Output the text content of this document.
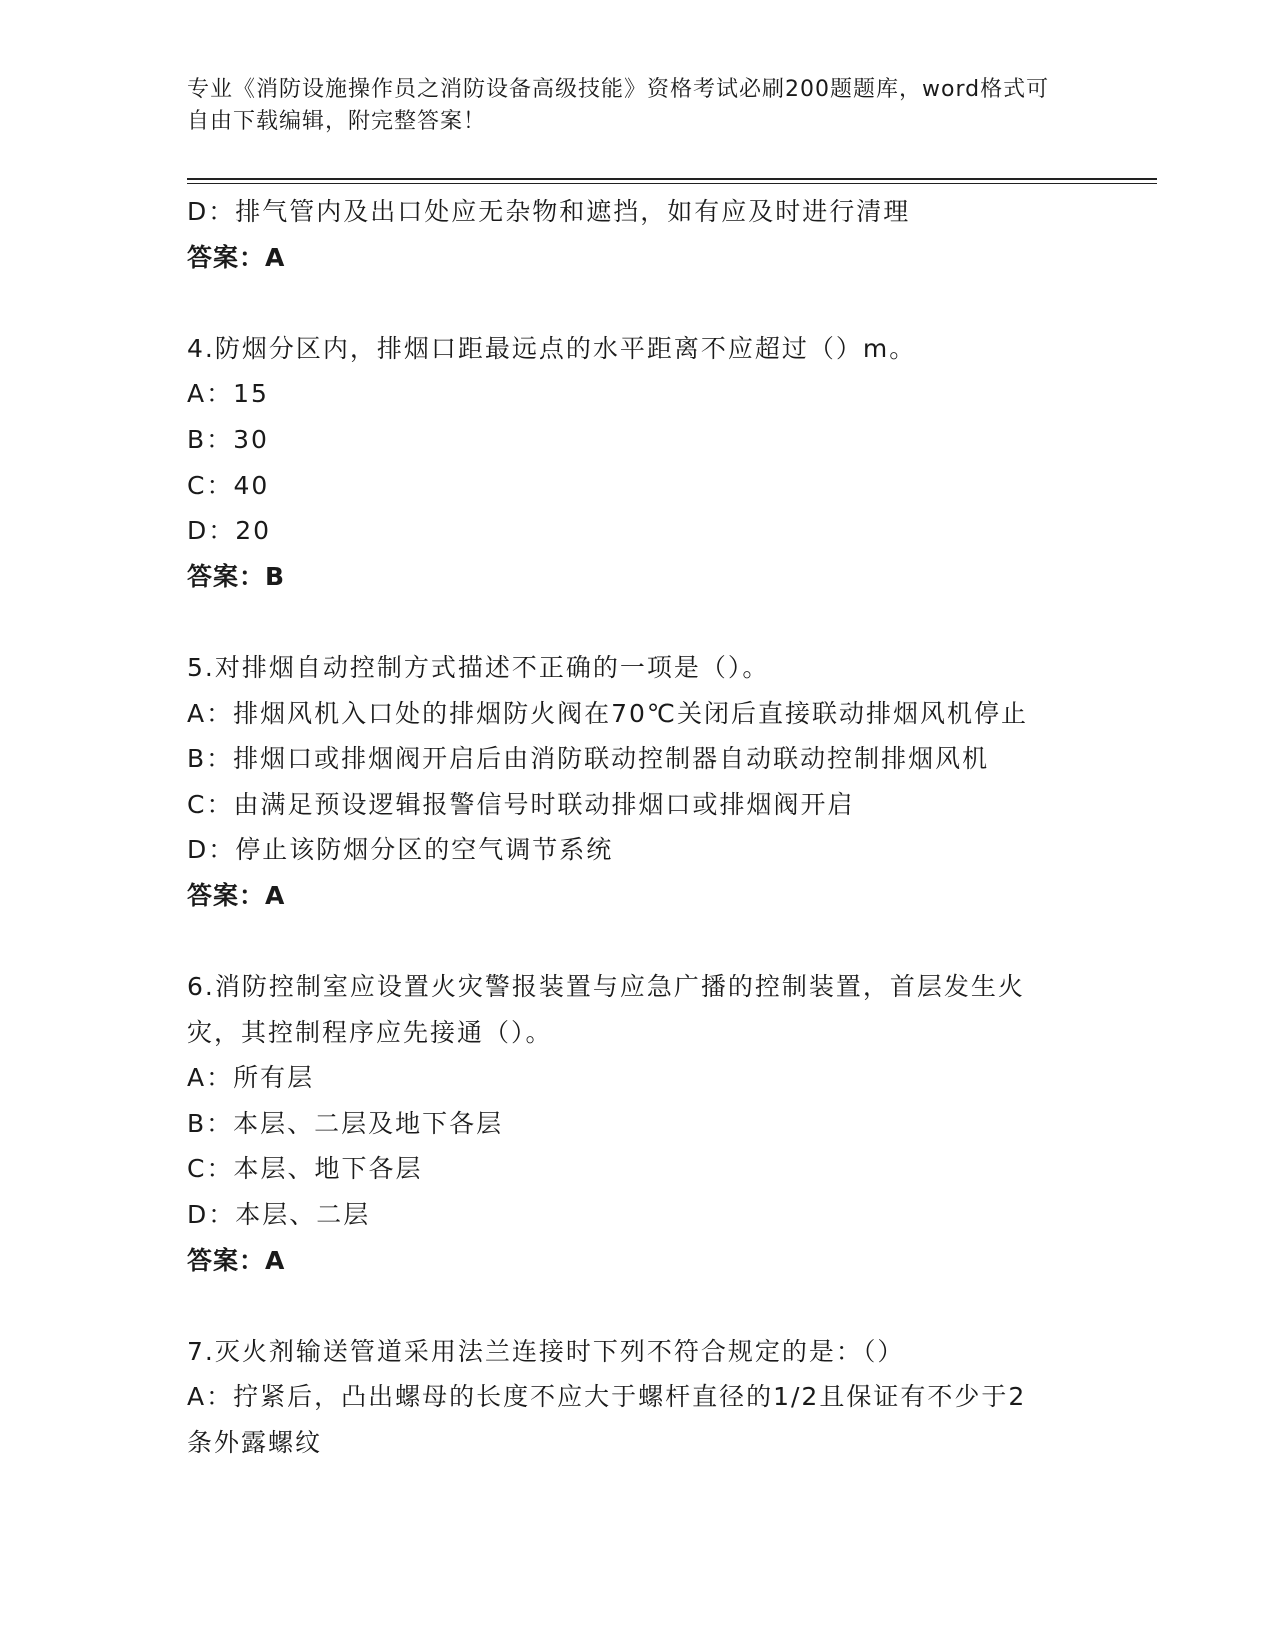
专业《消防设施操作员之消防设备高级技能》资格考试必刷200题题库，word格式可自由下载编辑，附完整答案！
D：排气管内及出口处应无杂物和遮挡，如有应及时进行清理
答案：A
4.防烟分区内，排烟口距最远点的水平距离不应超过（）m。
A：15
B：30
C：40
D：20
答案：B
5.对排烟自动控制方式描述不正确的一项是（）。
A：排烟风机入口处的排烟防火阀在70℃关闭后直接联动排烟风机停止
B：排烟口或排烟阀开启后由消防联动控制器自动联动控制排烟风机
C：由满足预设逻辑报警信号时联动排烟口或排烟阀开启
D：停止该防烟分区的空气调节系统
答案：A
6.消防控制室应设置火灾警报装置与应急广播的控制装置，首层发生火灾，其控制程序应先接通（）。
A：所有层
B：本层、二层及地下各层
C：本层、地下各层
D：本层、二层
答案：A
7.灭火剂输送管道采用法兰连接时下列不符合规定的是：（）
A：拧紧后，凸出螺母的长度不应大于螺杆直径的1/2且保证有不少于2条外露螺纹
